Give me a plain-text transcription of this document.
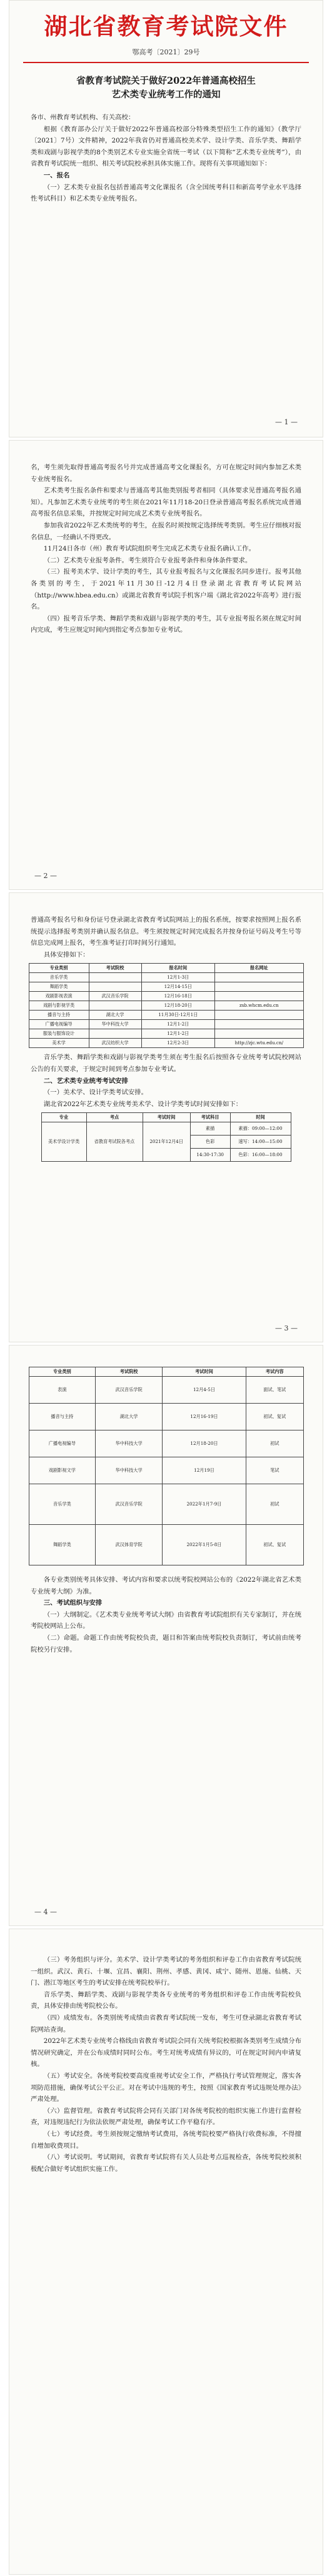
湖北省教育考试院文件
鄂高考〔2021〕29号
省教育考试院关于做好2022年普通高校招生
艺术类专业统考工作的通知

各市、州教育考试机构、有关高校：

根据《教育部办公厅关于做好2022年普通高校部分特殊类型招生工作的通知》（教学厅〔2021〕7号）文件精神，2022年我省仍对普通高校美术学、设计学类、音乐学类、舞蹈学类和戏剧与影视学类的8个类别艺术专业实施全省统一考试（以下简称“艺术类专业统考”），由省教育考试院统一组织、相关考试院校承担具体实施工作。现将有关事项通知如下：

一、报名

（一）艺术类专业报名包括普通高考文化课报名（含全国统考科目和新高考学业水平选择性考试科目）和艺术类专业统考报名。

— 1 —

名，考生须先取得普通高考报名号并完成普通高考文化课报名，方可在规定时间内参加艺术类专业统考报名。

艺术类考生报名条件和要求与普通高考其他类别报考者相同（具体要求见普通高考报名通知）。凡参加艺术类专业统考的考生须在2021年11月18-20日登录普通高考报名系统完成普通高考报名信息采集，并按规定时间完成艺术类专业统考报名。

参加我省2022年艺术类统考的考生，在报名时须按规定选择统考类别。考生应仔细核对报名信息，一经确认不得更改。

11月24日各市（州）教育考试院组织考生完成艺术类专业报名确认工作。

（二）艺术类专业报考条件。考生须符合专业报考条件和身体条件要求。

（三）报考美术学、设计学类的考生，其专业报考报名与文化课报名同步进行。报考其他各类别的考生，于2021年11月30日-12月4日登录湖北省教育考试院网站（http://www.hbea.edu.cn）或湖北省教育考试院手机客户端《湖北省2022年高考》进行报名。

（四）报考音乐学类、舞蹈学类和戏剧与影视学类的考生，其专业报考报名须在规定时间内完成，考生应规定时间内到指定考点参加专业考试。

— 2 —

普通高考报名号和身份证号登录湖北省教育考试院网站上的报名系统，按要求按照网上报名系统提示选择报考类别并确认报名信息。考生须按规定时间完成报名并按身份证号码及考生号等信息完成网上报名，考生准考证打印时间另行通知。

具体安排如下：

专业类别	考试院校	报名时间	报名网址
音乐学类		12月1-3日	
舞蹈学类		12月14-15日	
戏剧影视表演	武汉音乐学院	12月16-18日	
戏剧与影视学类		12月18-20日	zsb.whcm.edu.cn
播音与主持	湖北大学	11月30日-12月1日	
广播电视编导	华中科技大学	12月1-2日	
服装与服饰设计		12月1-2日	
美术学	武汉纺织大学	12月2-3日	http://zjc.wtu.edu.cn/

音乐学类、舞蹈学类和戏剧与影视学类考生须在考生报名后按照各专业统考考试院校网站公告的有关要求，于规定时间到考点参加专业考试。

二、艺术类专业统考考试安排

（一）美术学、设计学类考试安排。

湖北省2022年艺术类专业统考美术学、设计学类考试时间安排如下：

专业	考点	考试时间	考试科目	时间
美术学设计学类	省教育考试院各考点	2021年12月4日	素描	素描：09:00—12:00
			色彩	速写：14:00—15:00
			14:30-17:30	色彩：16:00—18:00
— 3 —
专业类别	考试院校	考试时间	考试内容
表演	武汉音乐学院	12月4-5日	面试、笔试
播音与主持	湖北大学	12月16-19日	初试、复试
广播电视编导	华中科技大学	12月18-20日	初试
戏剧影视文学	华中科技大学	12月19日	笔试
音乐学类	武汉音乐学院	2022年1月7-9日	初试
舞蹈学类	武汉体育学院	2022年1月5-8日	初试、复试

各专业类别统考具体安排、考试内容和要求以统考院校网站公布的《2022年湖北省艺术类专业统考大纲》为准。

三、考试组织与安排

（一）大纲制定。《艺术类专业统考考试大纲》由省教育考试院组织有关专家制订，并在统考院校网站上公布。

（二）命题。命题工作由统考院校负责，题目和答案由统考院校负责制订，考试前由统考院校另行安排。

— 4 —

（三）考务组织与评分。美术学、设计学类考试的考务组织和评卷工作由省教育考试院统一组织。武汉、黄石、十堰、宜昌、襄阳、荆州、孝感、黄冈、咸宁、随州、恩施、仙桃、天门、潜江等地区考生的考试安排在统考院校举行。

音乐学类、舞蹈学类、戏剧与影视学类各专业统考的考务组织和评卷工作由统考院校负责，具体安排由统考院校公布。

（四）成绩发布。各类别统考成绩由省教育考试院统一发布，考生可登录湖北省教育考试院网站查询。

2022年艺术类专业统考合格线由省教育考试院会同有关统考院校根据各类别考生成绩分布情况研究确定，并在公布成绩时同时公布。考生对统考成绩有异议的，可在规定时间内申请复核。

（五）考试安全。各统考院校要高度重视考试安全工作，严格执行考试管理规定，落实各项防范措施，确保考试公平公正。对在考试中违规的考生，按照《国家教育考试违规处理办法》严肃处理。

（六）监督管理。省教育考试院将会同有关部门对各统考院校的组织实施工作进行监督检查，对违规违纪行为依法依规严肃处理，确保考试工作平稳有序。

（七）考试经费。考生须按规定缴纳考试费用，各统考院校要严格执行收费标准，不得擅自增加收费项目。

（八）考试说明。考试期间，省教育考试院将有关人员赴考点巡视检查，各统考院校须积极配合做好考试组织实施工作。
